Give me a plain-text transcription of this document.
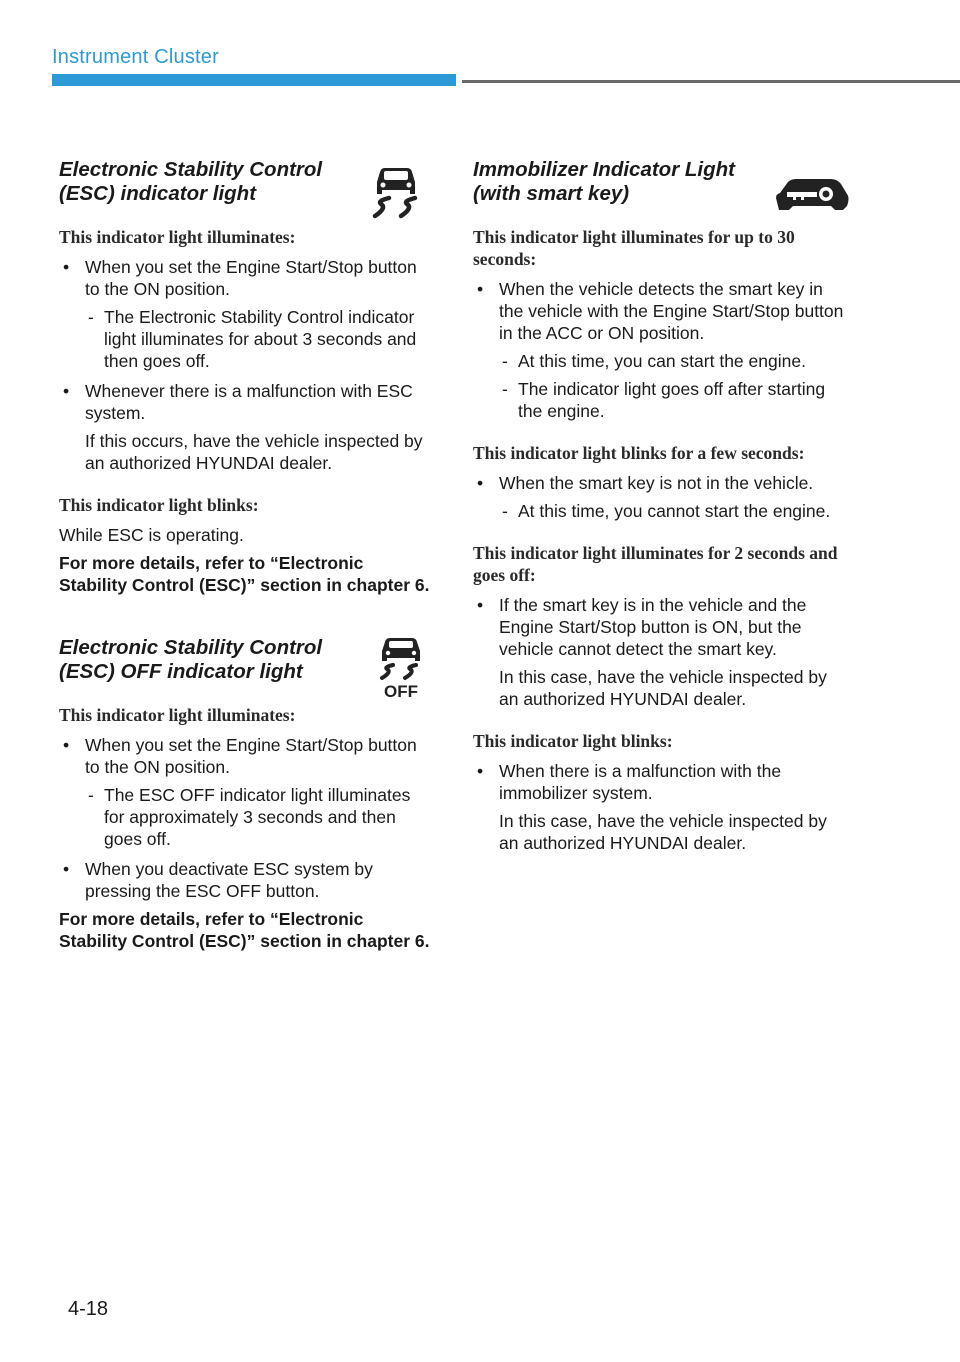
Instrument Cluster
Electronic Stability Control (ESC) indicator light
This indicator light illuminates:
• When you set the Engine Start/Stop button to the ON position.
- The Electronic Stability Control indicator light illuminates for about 3 seconds and then goes off.
• Whenever there is a malfunction with ESC system.
If this occurs, have the vehicle inspected by an authorized HYUNDAI dealer.
This indicator light blinks:
While ESC is operating.
For more details, refer to “Electronic Stability Control (ESC)” section in chapter 6.
Electronic Stability Control (ESC) OFF indicator light
OFF
This indicator light illuminates:
• When you set the Engine Start/Stop button to the ON position.
- The ESC OFF indicator light illuminates for approximately 3 seconds and then goes off.
• When you deactivate ESC system by pressing the ESC OFF button.
For more details, refer to “Electronic Stability Control (ESC)” section in chapter 6.
Immobilizer Indicator Light (with smart key)
This indicator light illuminates for up to 30 seconds:
• When the vehicle detects the smart key in the vehicle with the Engine Start/Stop button in the ACC or ON position.
- At this time, you can start the engine.
- The indicator light goes off after starting the engine.
This indicator light blinks for a few seconds:
• When the smart key is not in the vehicle.
- At this time, you cannot start the engine.
This indicator light illuminates for 2 seconds and goes off:
• If the smart key is in the vehicle and the Engine Start/Stop button is ON, but the vehicle cannot detect the smart key.
In this case, have the vehicle inspected by an authorized HYUNDAI dealer.
This indicator light blinks:
• When there is a malfunction with the immobilizer system.
In this case, have the vehicle inspected by an authorized HYUNDAI dealer.
4-18
